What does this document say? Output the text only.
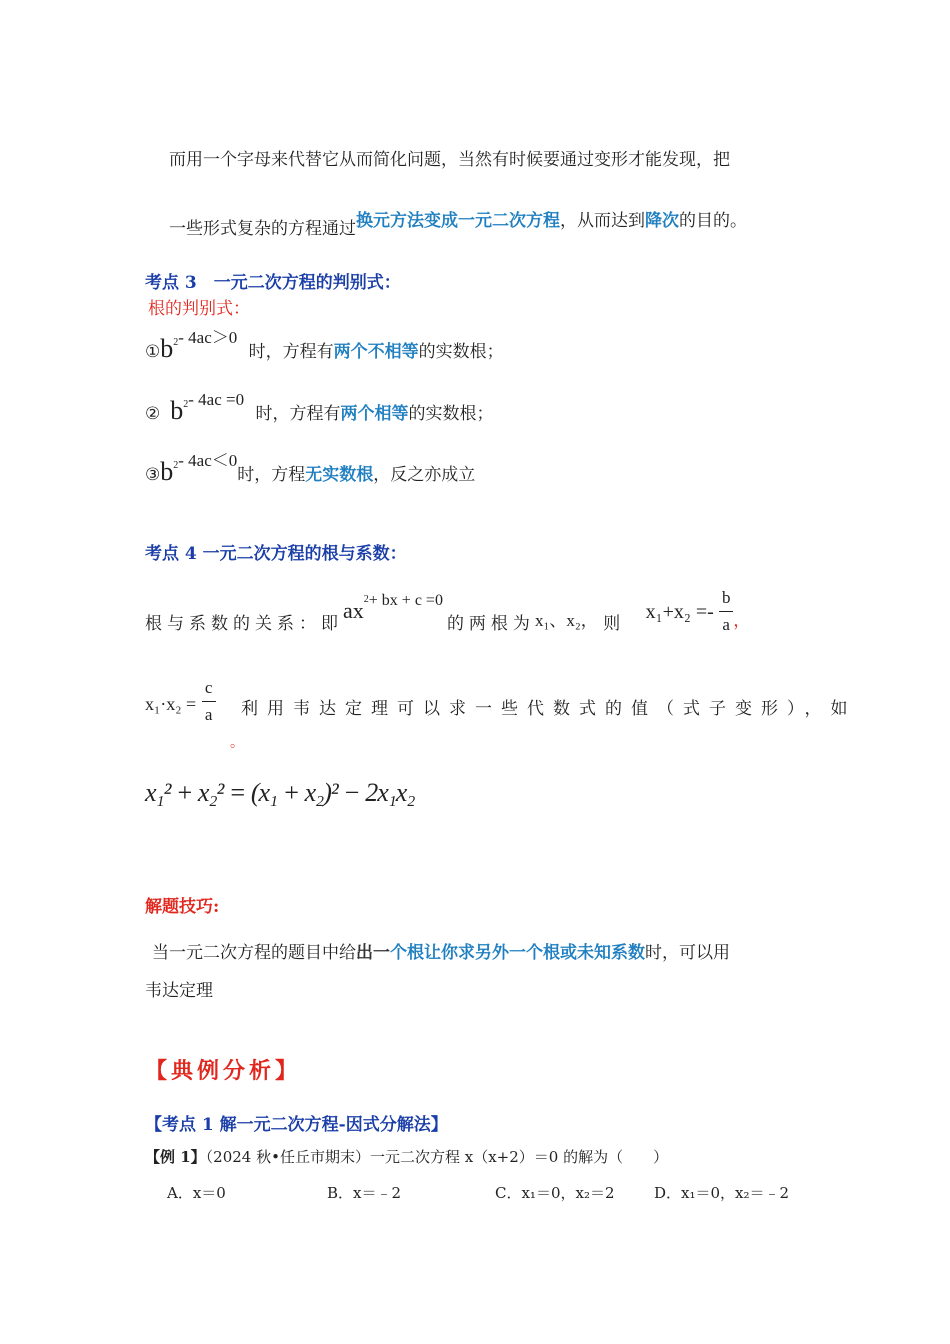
而用一个字母来代替它从而简化问题，当然有时候要通过变形才能发现，把
一些形式复杂的方程通过换元方法变成一元二次方程，从而达到降次的目的。
考点 3　一元二次方程的判别式：
根的判别式：
$①b^2-$ 4ac＞0 时，方程有两个不相等的实数根；
② $b^2-$ 4ac =0 时，方程有两个相等的实数根；
$③b^2-$ 4ac＜0时，方程无实数根，反之亦成立
考点 4 一元二次方程的根与系数：
根与系数的关系：即ax2+ bx + c =0的两根为x₁、x₂， 则 $x_1+x_2 =- \frac{b}{a}$ ，
$x_1\cdot x_2 = \frac{c}{a}$ 利用韦达定理可以求一些代数式的值（式子变形），如
。
x₁² + x₂² = (x₁ + x₂)² − 2x₁x₂
解题技巧:
当一元二次方程的题目中给出一个根让你求另外一个根或未知系数时，可以用
韦达定理
【典例分析】
【考点 1 解一元二次方程-因式分解法】
【例 1】（2024 秋•任丘市期末）一元二次方程 x（x+2）＝0 的解为（　　）
A．x＝0	B．x＝﹣2	C．x₁＝0，x₂＝2	D．x₁＝0，x₂＝﹣2
